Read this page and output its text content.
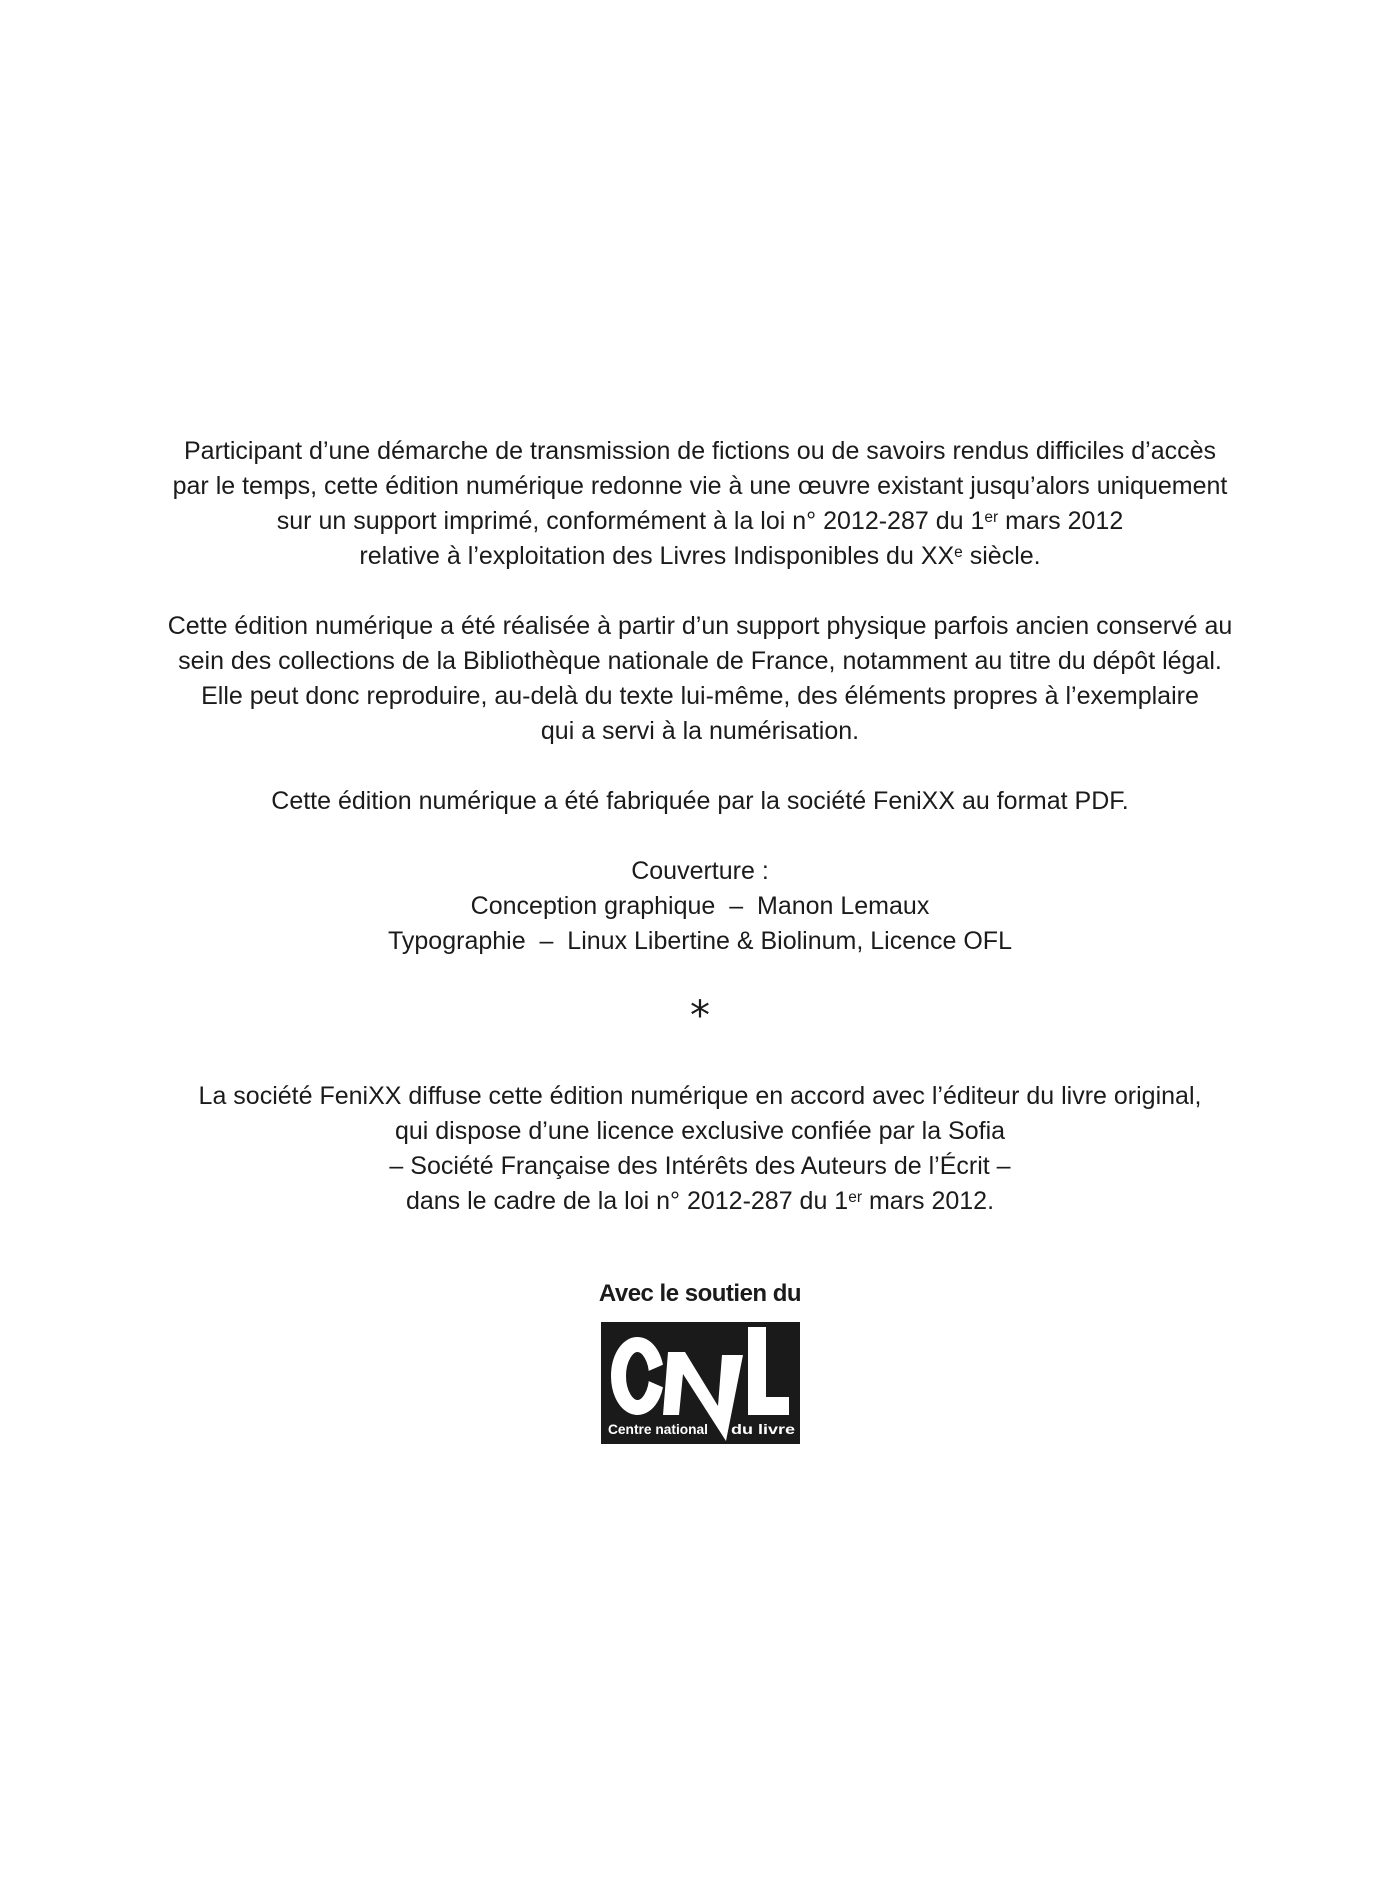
Participant d’une démarche de transmission de fictions ou de savoirs rendus difficiles d’accès
par le temps, cette édition numérique redonne vie à une œuvre existant jusqu’alors uniquement
sur un support imprimé, conformément à la loi n° 2012-287 du 1er mars 2012
relative à l’exploitation des Livres Indisponibles du XXe siècle.

Cette édition numérique a été réalisée à partir d’un support physique parfois ancien conservé au
sein des collections de la Bibliothèque nationale de France, notamment au titre du dépôt légal.
Elle peut donc reproduire, au-delà du texte lui-même, des éléments propres à l’exemplaire
qui a servi à la numérisation.

Cette édition numérique a été fabriquée par la société FeniXX au format PDF.

Couverture :
Conception graphique  –  Manon Lemaux
Typographie  –  Linux Libertine & Biolinum, Licence OFL

*

La société FeniXX diffuse cette édition numérique en accord avec l’éditeur du livre original,
qui dispose d’une licence exclusive confiée par la Sofia
– Société Française des Intérêts des Auteurs de l’Écrit –
dans le cadre de la loi n° 2012-287 du 1er mars 2012.

Avec le soutien du
Centre national du livre
